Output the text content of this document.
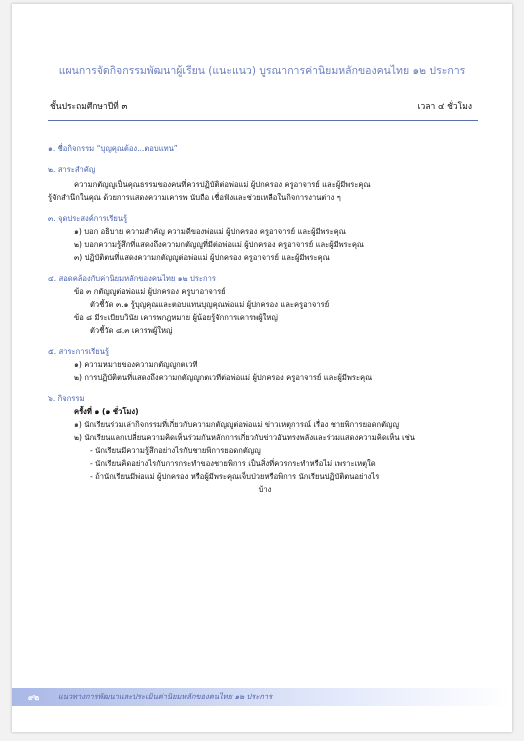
แผนการจัดกิจกรรมพัฒนาผู้เรียน (แนะแนว) บูรณาการค่านิยมหลักของคนไทย ๑๒ ประการ
ชั้นประถมศึกษาปีที่ ๓	เวลา ๔ ชั่วโมง
๑. ชื่อกิจกรรม “บุญคุณต้อง...ตอบแทน”
๒. สาระสำคัญ
ความกตัญญูเป็นคุณธรรมของคนที่ควรปฏิบัติต่อพ่อแม่ ผู้ปกครอง ครูอาจารย์ และผู้มีพระคุณ
รู้จักสำนึกในคุณ ด้วยการแสดงความเคารพ นับถือ เชื่อฟังและช่วยเหลือในกิจการงานต่าง ๆ
๓. จุดประสงค์การเรียนรู้
๑) บอก อธิบาย ความสำคัญ ความดีของพ่อแม่ ผู้ปกครอง ครูอาจารย์ และผู้มีพระคุณ
๒) บอกความรู้สึกที่แสดงถึงความกตัญญูที่มีต่อพ่อแม่ ผู้ปกครอง ครูอาจารย์ และผู้มีพระคุณ
๓) ปฏิบัติตนที่แสดงความกตัญญูต่อพ่อแม่ ผู้ปกครอง ครูอาจารย์ และผู้มีพระคุณ
๔. สอดคล้องกับค่านิยมหลักของคนไทย ๑๒ ประการ
ข้อ ๓ กตัญญูต่อพ่อแม่ ผู้ปกครอง ครูบาอาจารย์
ตัวชี้วัด ๓.๑ รู้บุญคุณและตอบแทนบุญคุณพ่อแม่ ผู้ปกครอง และครูอาจารย์
ข้อ ๘ มีระเบียบวินัย เคารพกฎหมาย ผู้น้อยรู้จักการเคารพผู้ใหญ่
ตัวชี้วัด ๘.๓ เคารพผู้ใหญ่
๕. สาระการเรียนรู้
๑) ความหมายของความกตัญญูกตเวที
๒) การปฏิบัติตนที่แสดงถึงความกตัญญูกตเวทีต่อพ่อแม่ ผู้ปกครอง ครูอาจารย์ และผู้มีพระคุณ
๖. กิจกรรม
ครั้งที่ ๑ (๑ ชั่วโมง)
๑) นักเรียนร่วมเล่ากิจกรรมที่เกี่ยวกับความกตัญญูต่อพ่อแม่ ข่าวเหตุการณ์ เรื่อง ชายพิการยอดกตัญญู
๒) นักเรียนแลกเปลี่ยนความคิดเห็นร่วมกันหลักการเกี่ยวกับข่าวอันทรงพลังและร่วมแสดงความคิดเห็น เช่น
- นักเรียนมีความรู้สึกอย่างไรกับชายพิการยอดกตัญญู
- นักเรียนคิดอย่างไรกับการกระทำของชายพิการ เป็นสิ่งที่ควรกระทำหรือไม่ เพราะเหตุใด
- ถ้านักเรียนมีพ่อแม่ ผู้ปกครอง หรือผู้มีพระคุณเจ็บป่วยหรือพิการ นักเรียนปฏิบัติตนอย่างไร
บ้าง
๙๒	แนวทางการพัฒนาและประเมินค่านิยมหลักของคนไทย ๑๒ ประการ
